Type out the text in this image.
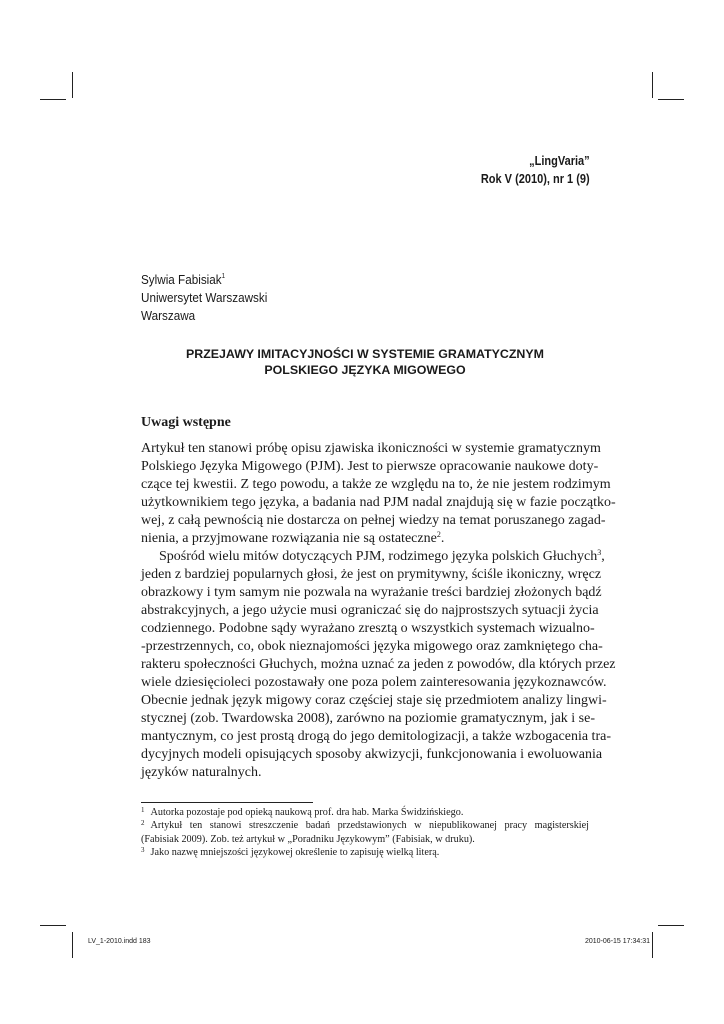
„LingVaria”
Rok V (2010), nr 1 (9)
Sylwia Fabisiak$^1$
Uniwersytet Warszawski
Warszawa
PRZEJAWY IMITACYJNOŚCI W SYSTEMIE GRAMATYCZNYM
POLSKIEGO JĘZYKA MIGOWEGO
Uwagi wstępne
Artykuł ten stanowi próbę opisu zjawiska ikoniczności w systemie gramatycznym
Polskiego Języka Migowego (PJM). Jest to pierwsze opracowanie naukowe doty-
czące tej kwestii. Z tego powodu, a także ze względu na to, że nie jestem rodzimym
użytkownikiem tego języka, a badania nad PJM nadal znajdują się w fazie początko-
wej, z całą pewnością nie dostarcza on pełnej wiedzy na temat poruszanego zagad-
nienia, a przyjmowane rozwiązania nie są ostateczne$^2$.
Spośród wielu mitów dotyczących PJM, rodzimego języka polskich Głuchych$^3$,
jeden z bardziej popularnych głosi, że jest on prymitywny, ściśle ikoniczny, wręcz
obrazkowy i tym samym nie pozwala na wyrażanie treści bardziej złożonych bądź
abstrakcyjnych, a jego użycie musi ograniczać się do najprostszych sytuacji życia
codziennego. Podobne sądy wyrażano zresztą o wszystkich systemach wizualno-
-przestrzennych, co, obok nieznajomości języka migowego oraz zamkniętego cha-
rakteru społeczności Głuchych, można uznać za jeden z powodów, dla których przez
wiele dziesięcioleci pozostawały one poza polem zainteresowania językoznawców.
Obecnie jednak język migowy coraz częściej staje się przedmiotem analizy lingwi-
stycznej (zob. Twardowska 2008), zarówno na poziomie gramatycznym, jak i se-
mantycznym, co jest prostą drogą do jego demitologizacji, a także wzbogacenia tra-
dycyjnych modeli opisujących sposoby akwizycji, funkcjonowania i ewoluowania
języków naturalnych.
$^1$ Autorka pozostaje pod opieką naukową prof. dra hab. Marka Świdzińskiego.
$^2$ Artykuł ten stanowi streszczenie badań przedstawionych w niepublikowanej pracy magisterskiej
(Fabisiak 2009). Zob. też artykuł w „Poradniku Językowym” (Fabisiak, w druku).
$^3$ Jako nazwę mniejszości językowej określenie to zapisuję wielką literą.
LV_1-2010.indd 183	2010-06-15 17:34:31
